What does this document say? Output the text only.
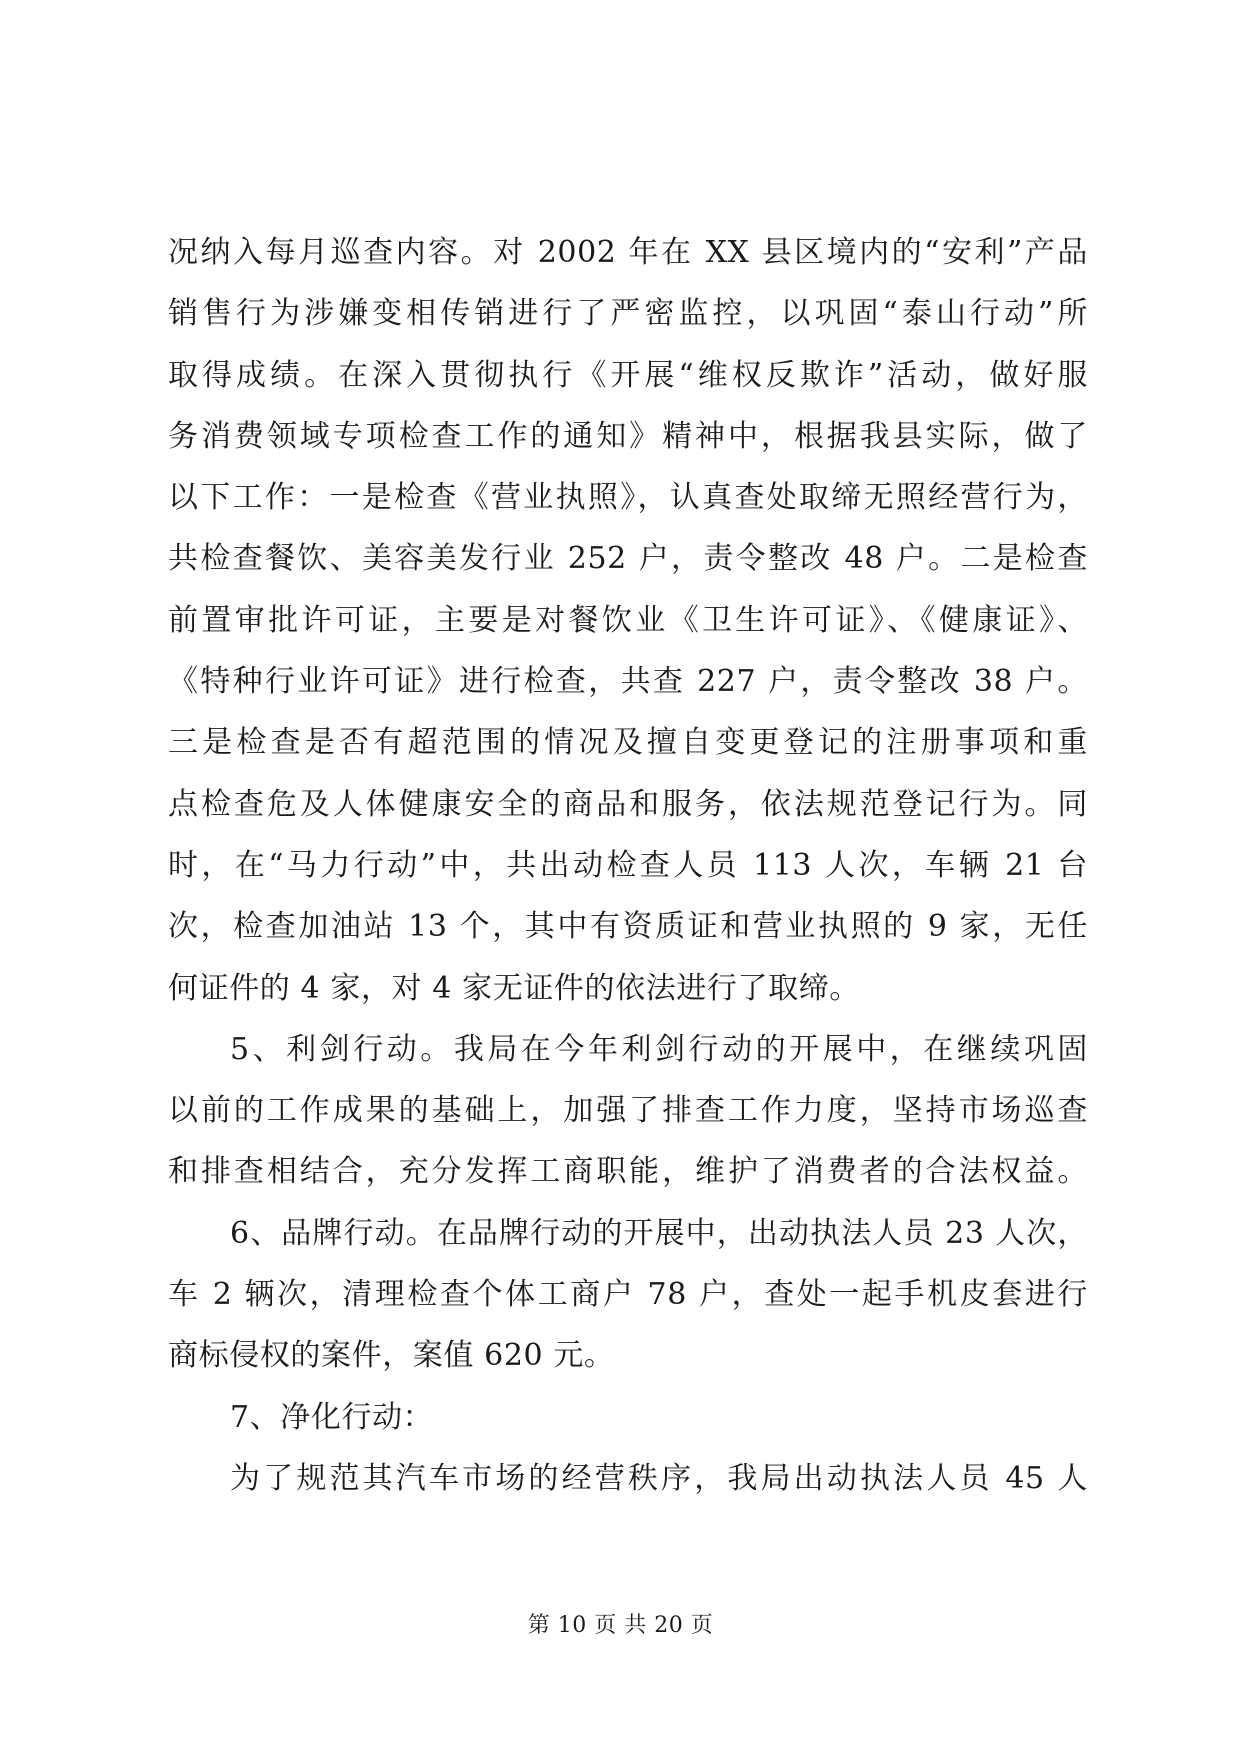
况纳入每月巡查内容。对 2002 年在 XX 县区境内的“安利”产品
销售行为涉嫌变相传销进行了严密监控，以巩固“泰山行动”所
取得成绩。在深入贯彻执行《开展“维权反欺诈”活动，做好服
务消费领域专项检查工作的通知》精神中，根据我县实际，做了
以下工作：一是检查《营业执照》，认真查处取缔无照经营行为，
共检查餐饮、美容美发行业 252 户，责令整改 48 户。二是检查
前置审批许可证，主要是对餐饮业《卫生许可证》、《健康证》、
《特种行业许可证》进行检查，共查 227 户，责令整改 38 户。
三是检查是否有超范围的情况及擅自变更登记的注册事项和重
点检查危及人体健康安全的商品和服务，依法规范登记行为。同
时，在“马力行动”中，共出动检查人员 113 人次，车辆 21 台
次，检查加油站 13 个，其中有资质证和营业执照的 9 家，无任
何证件的 4 家，对 4 家无证件的依法进行了取缔。
5、利剑行动。我局在今年利剑行动的开展中，在继续巩固
以前的工作成果的基础上，加强了排查工作力度，坚持市场巡查
和排查相结合，充分发挥工商职能，维护了消费者的合法权益。
6、品牌行动。在品牌行动的开展中，出动执法人员 23 人次，
车 2 辆次，清理检查个体工商户 78 户，查处一起手机皮套进行
商标侵权的案件，案值 620 元。
7、净化行动：
为了规范其汽车市场的经营秩序，我局出动执法人员 45 人
第 10 页 共 20 页
